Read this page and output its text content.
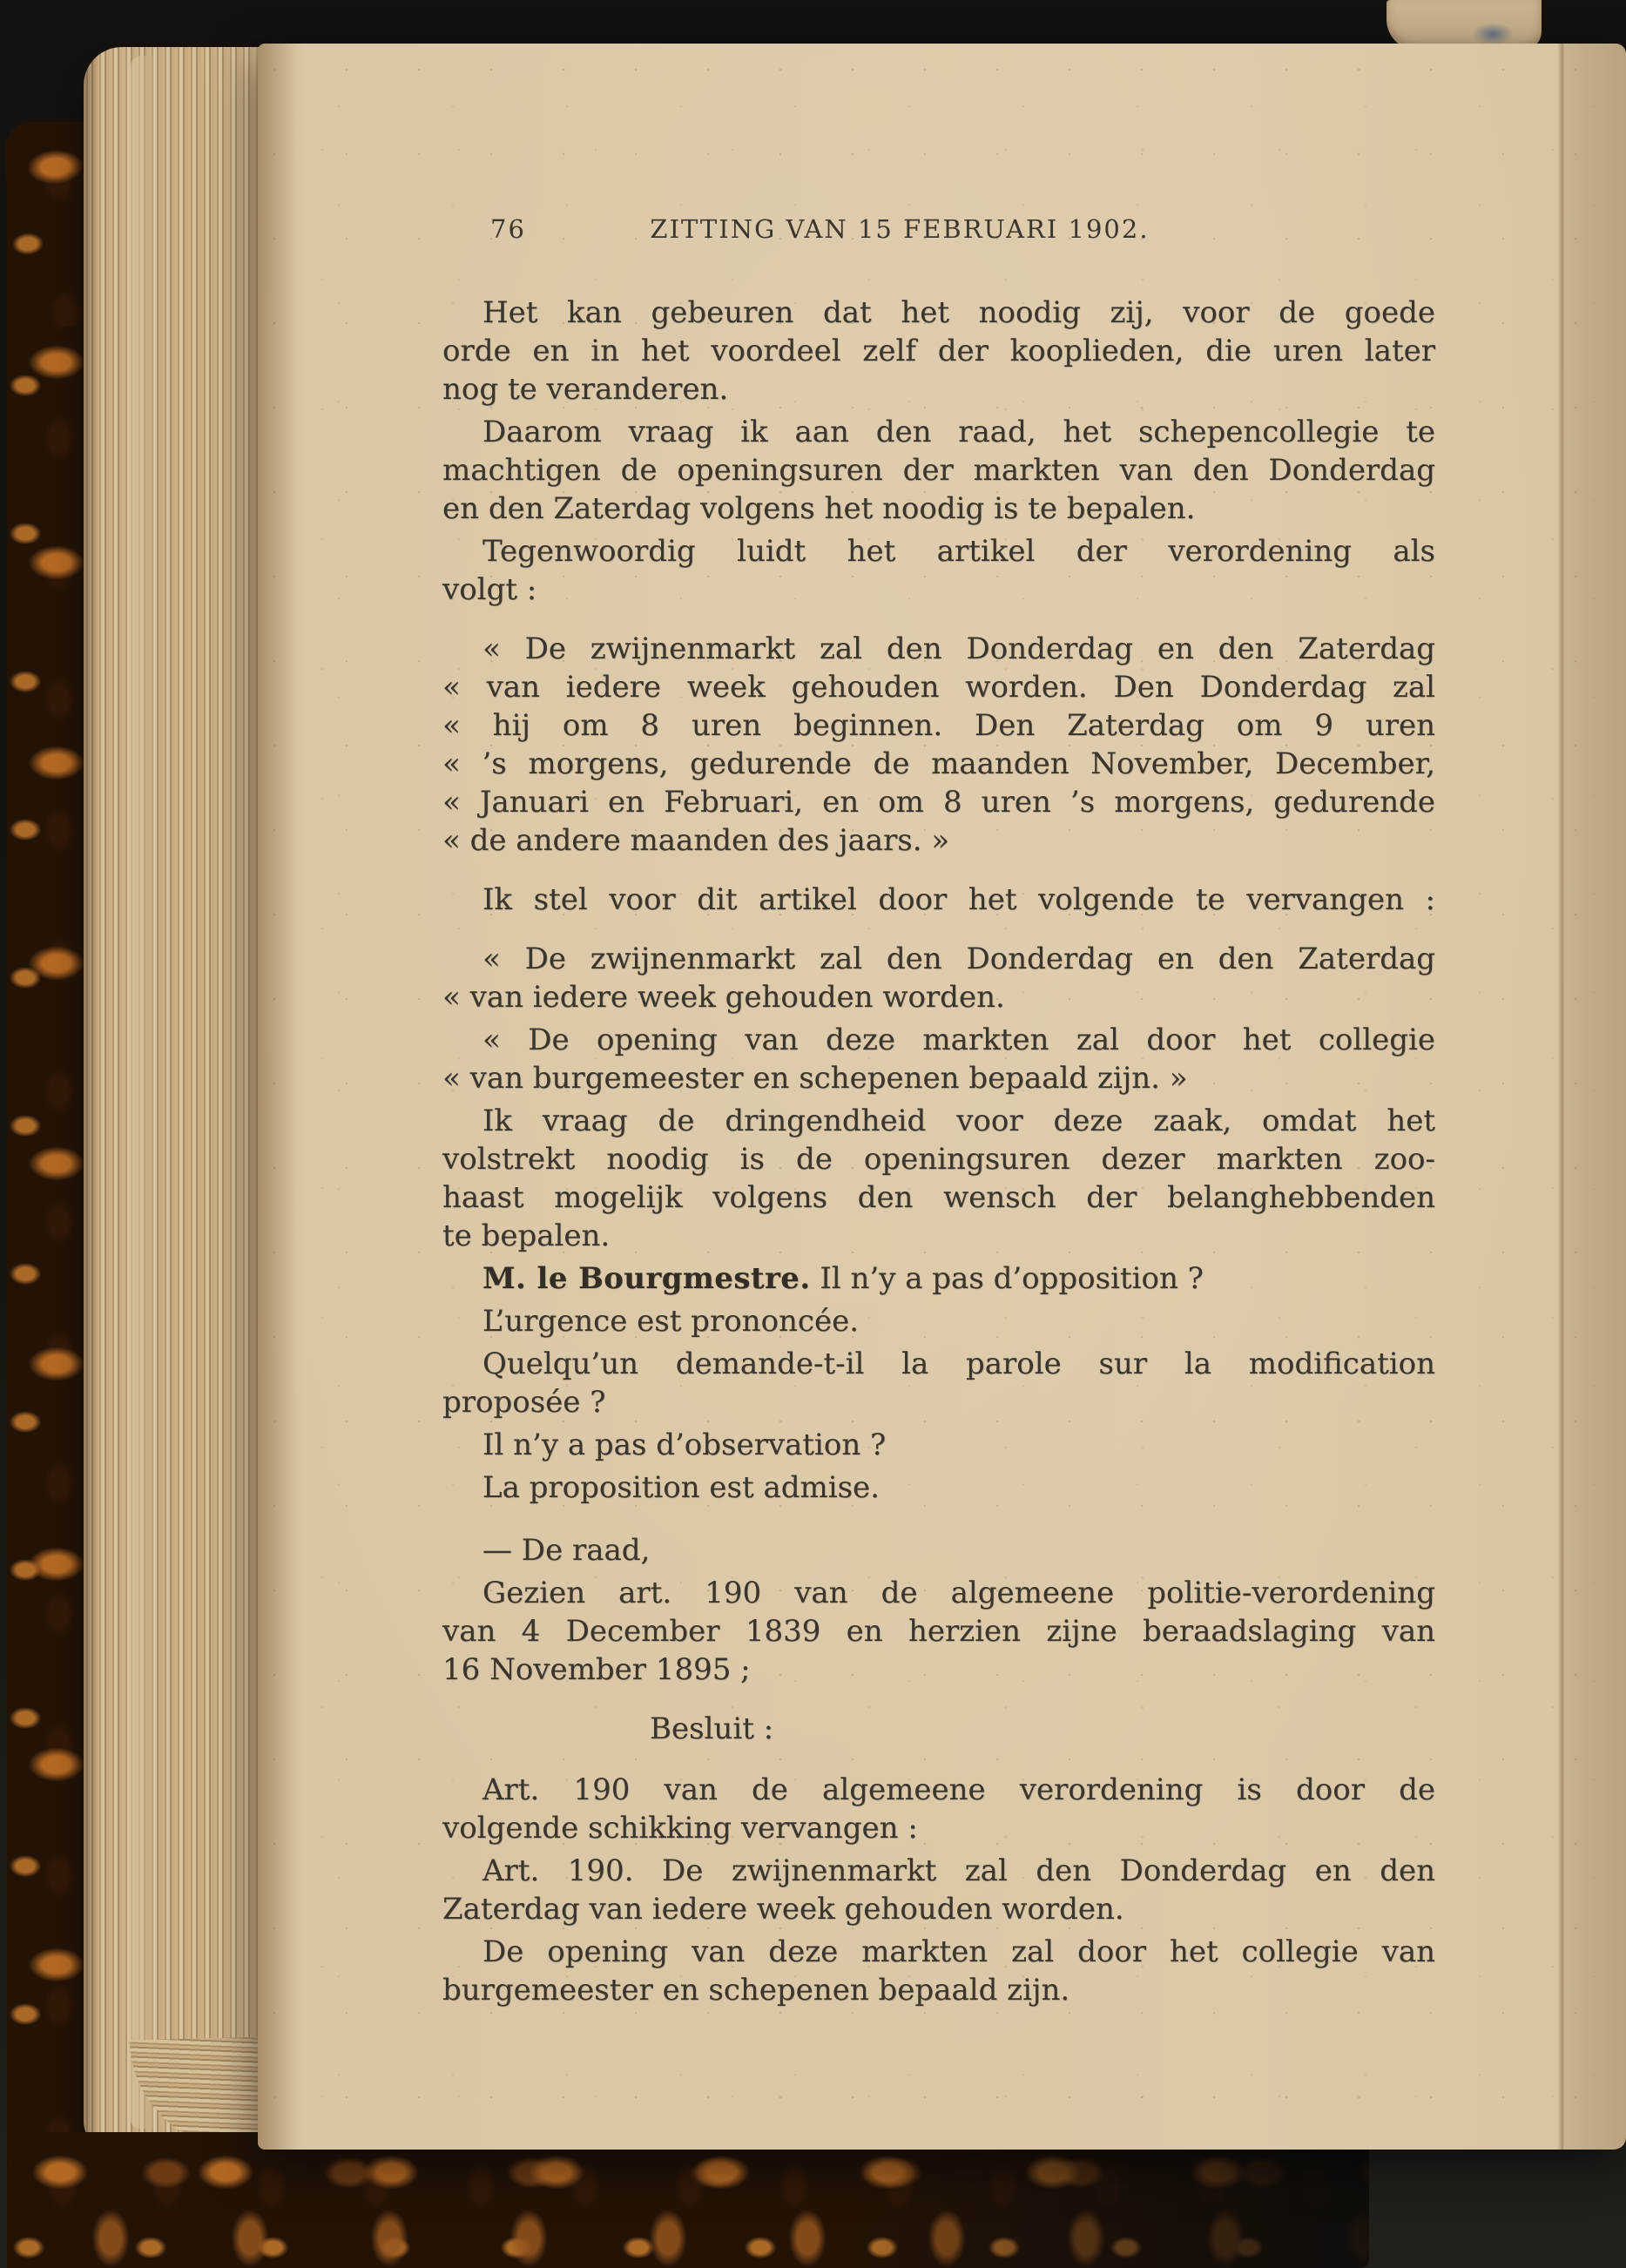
76	ZITTING VAN 15 FEBRUARI 1902.
Het kan gebeuren dat het noodig zij, voor de goede
orde en in het voordeel zelf der kooplieden, die uren later
nog te veranderen.
Daarom vraag ik aan den raad, het schepencollegie te
machtigen de openingsuren der markten van den Donderdag
en den Zaterdag volgens het noodig is te bepalen.
Tegenwoordig luidt het artikel der verordening als
volgt :
« De zwijnenmarkt zal den Donderdag en den Zaterdag
« van iedere week gehouden worden. Den Donderdag zal
« hij om 8 uren beginnen. Den Zaterdag om 9 uren
« ’s morgens, gedurende de maanden November, December,
« Januari en Februari, en om 8 uren ’s morgens, gedurende
« de andere maanden des jaars. »
Ik stel voor dit artikel door het volgende te vervangen :
« De zwijnenmarkt zal den Donderdag en den Zaterdag
« van iedere week gehouden worden.
« De opening van deze markten zal door het collegie
« van burgemeester en schepenen bepaald zijn. »
Ik vraag de dringendheid voor deze zaak, omdat het
volstrekt noodig is de openingsuren dezer markten zoo-
haast mogelijk volgens den wensch der belanghebbenden
te bepalen.
M. le Bourgmestre. Il n’y a pas d’opposition ?
L’urgence est prononcée.
Quelqu’un demande-t-il la parole sur la modification
proposée ?
Il n’y a pas d’observation ?
La proposition est admise.
— De raad,
Gezien art. 190 van de algemeene politie-verordening
van 4 December 1839 en herzien zijne beraadslaging van
16 November 1895 ;
Besluit :
Art. 190 van de algemeene verordening is door de
volgende schikking vervangen :
Art. 190. De zwijnenmarkt zal den Donderdag en den
Zaterdag van iedere week gehouden worden.
De opening van deze markten zal door het collegie van
burgemeester en schepenen bepaald zijn.
